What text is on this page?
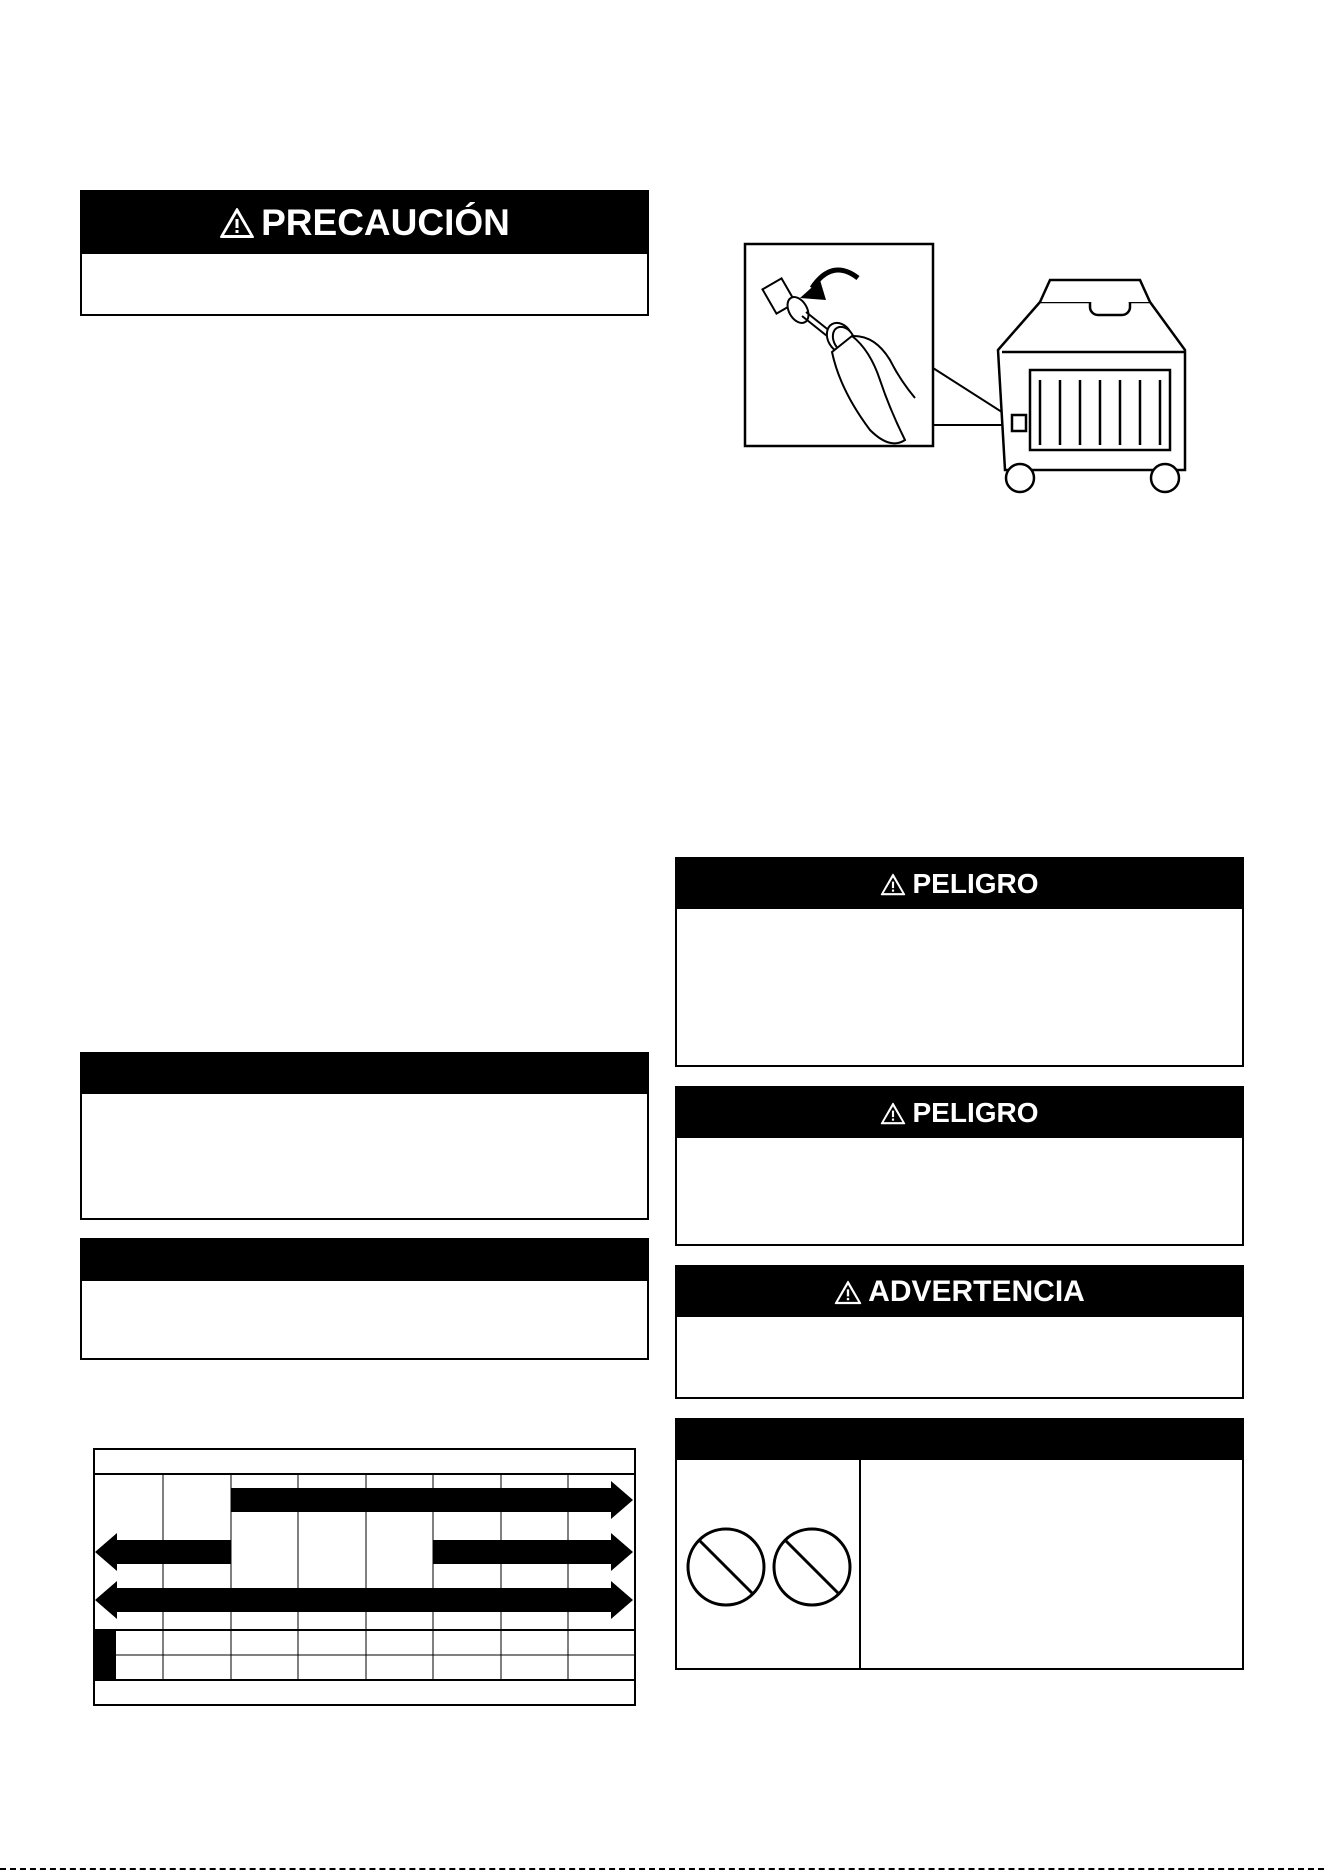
PRECAUCIÓN
PELIGRO
PELIGRO
ADVERTENCIA
